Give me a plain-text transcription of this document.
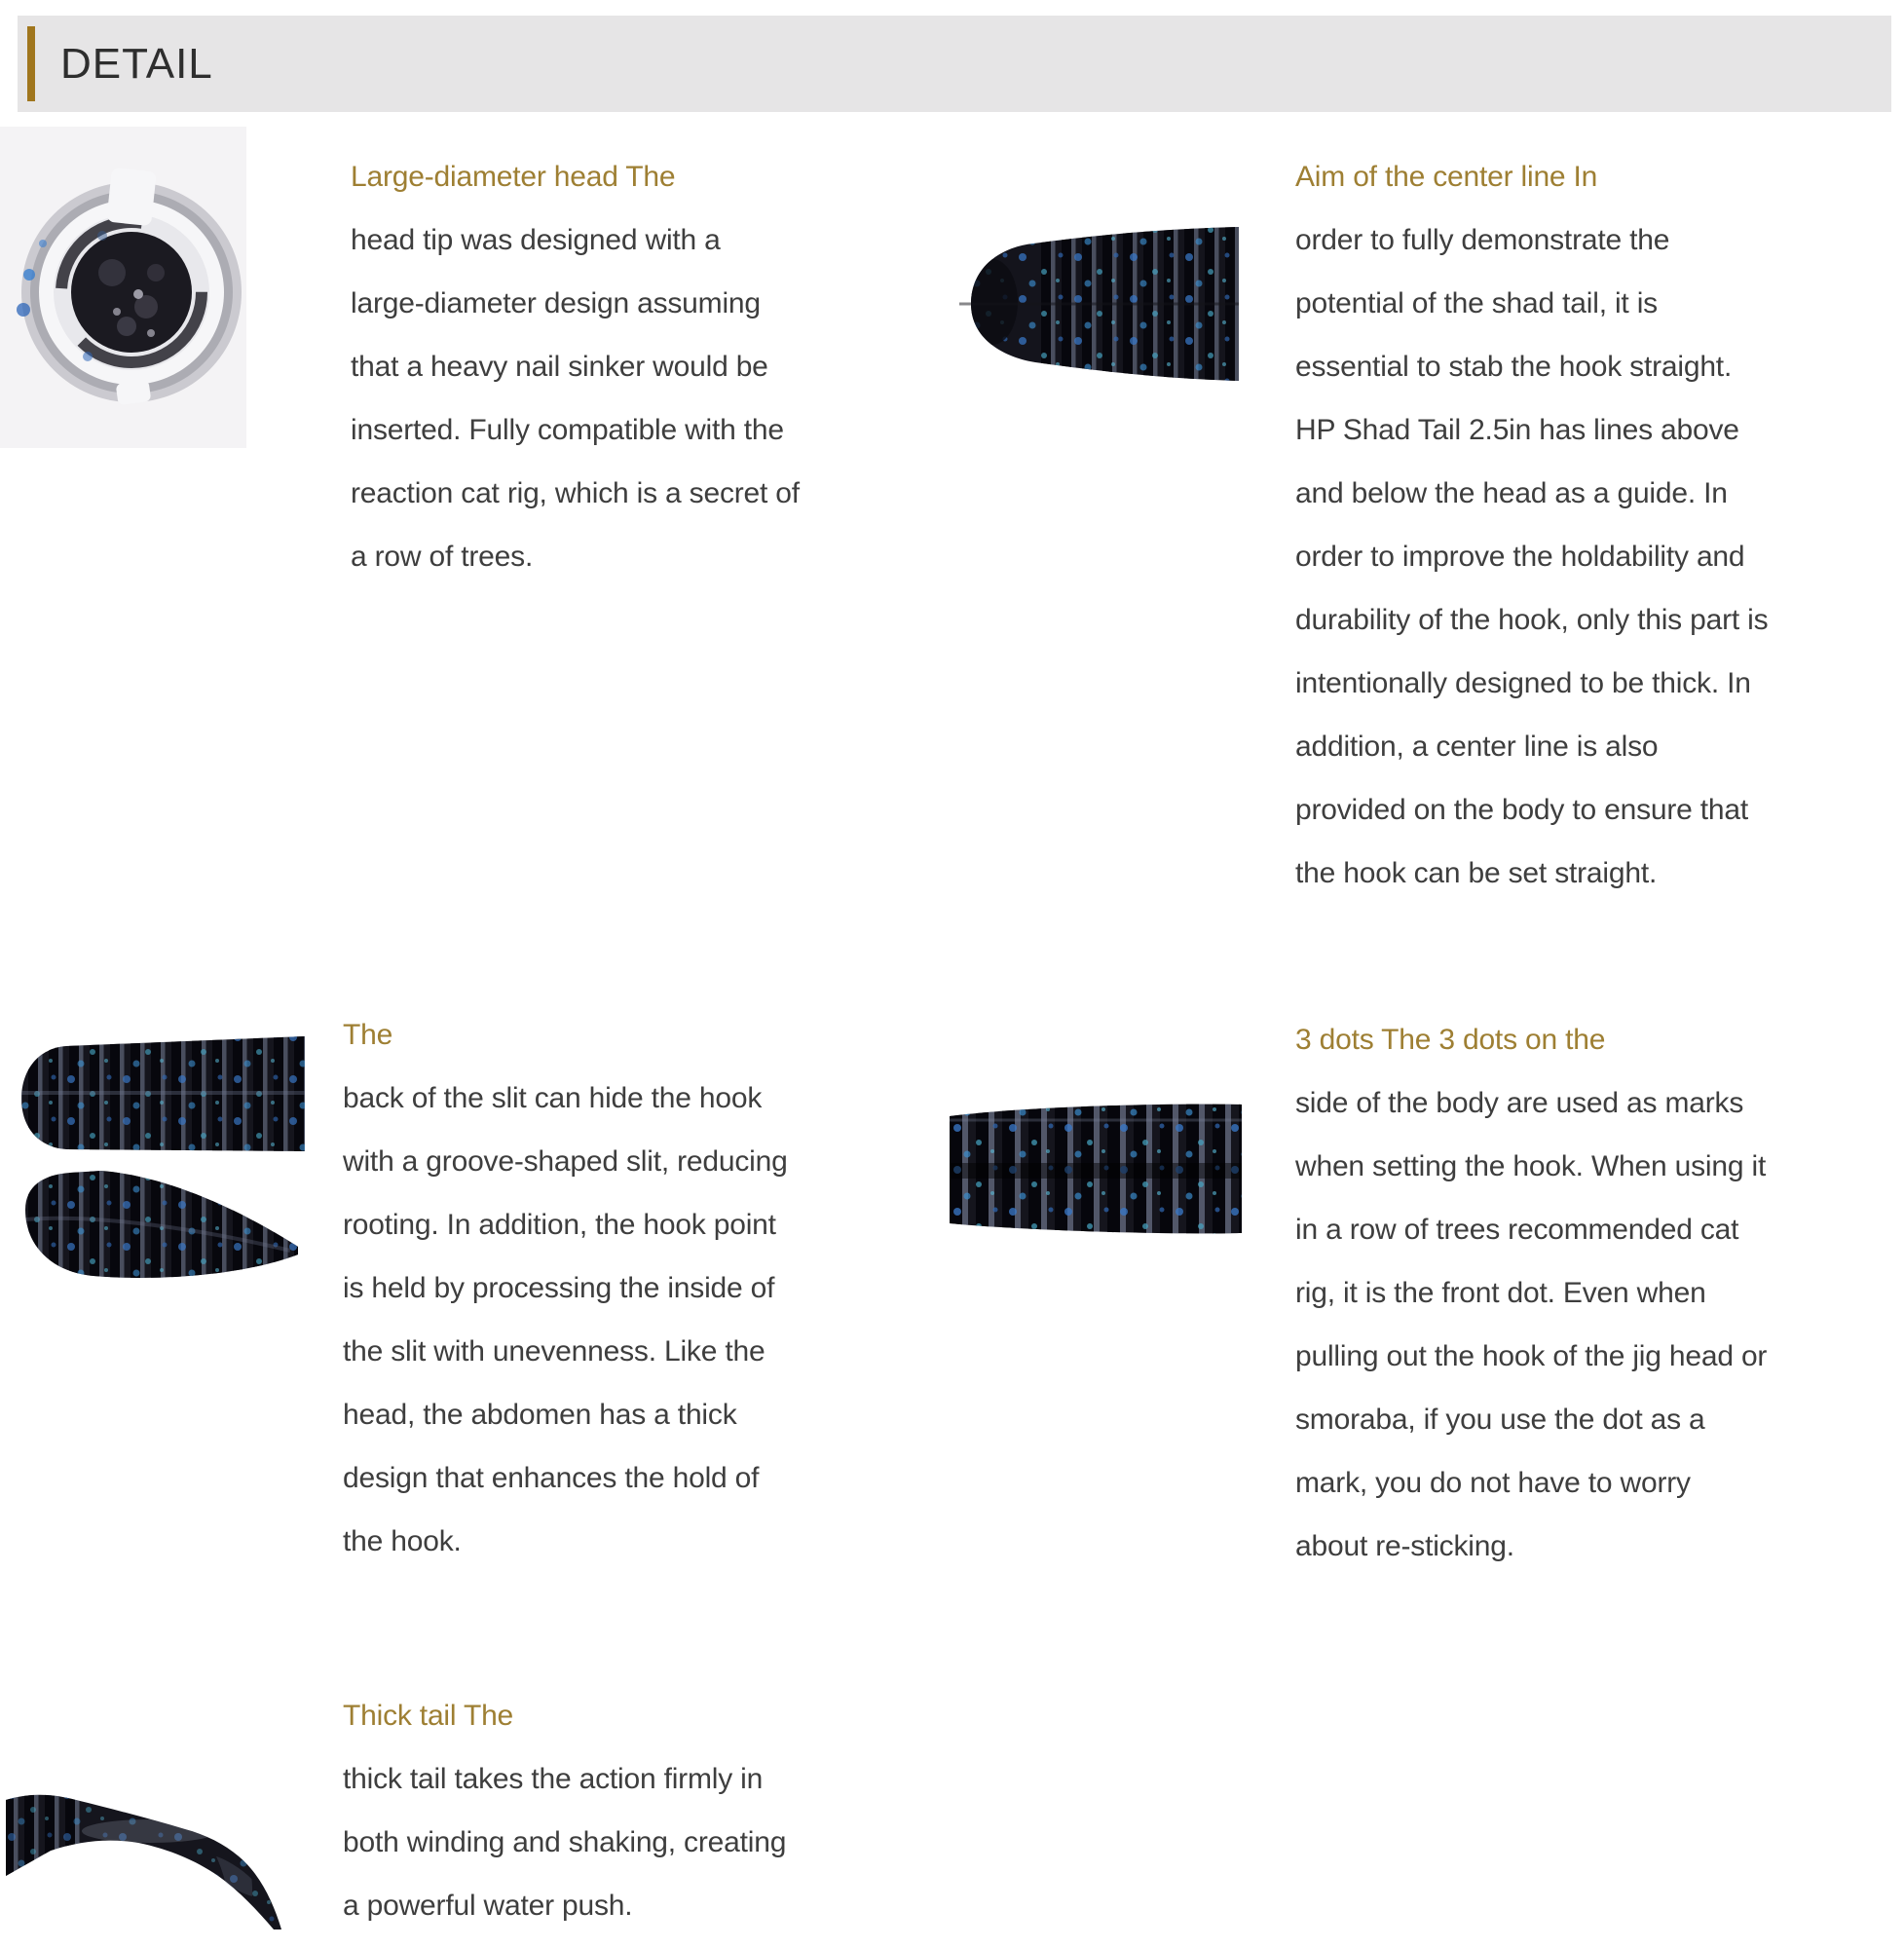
DETAIL
Large-diameter head The

head tip was designed with a large-diameter design assuming that a heavy nail sinker would be inserted. Fully compatible with the reaction cat rig, which is a secret of a row of trees.

Aim of the center line In

order to fully demonstrate the potential of the shad tail, it is essential to stab the hook straight. HP Shad Tail 2.5in has lines above and below the head as a guide. In order to improve the holdability and durability of the hook, only this part is intentionally designed to be thick. In addition, a center line is also provided on the body to ensure that the hook can be set straight.

The

back of the slit can hide the hook with a groove-shaped slit, reducing rooting. In addition, the hook point is held by processing the inside of the slit with unevenness. Like the head, the abdomen has a thick design that enhances the hold of the hook.

3 dots The 3 dots on the

side of the body are used as marks when setting the hook. When using it in a row of trees recommended cat rig, it is the front dot. Even when pulling out the hook of the jig head or smoraba, if you use the dot as a mark, you do not have to worry about re-sticking.

Thick tail The

thick tail takes the action firmly in both winding and shaking, creating a powerful water push.
